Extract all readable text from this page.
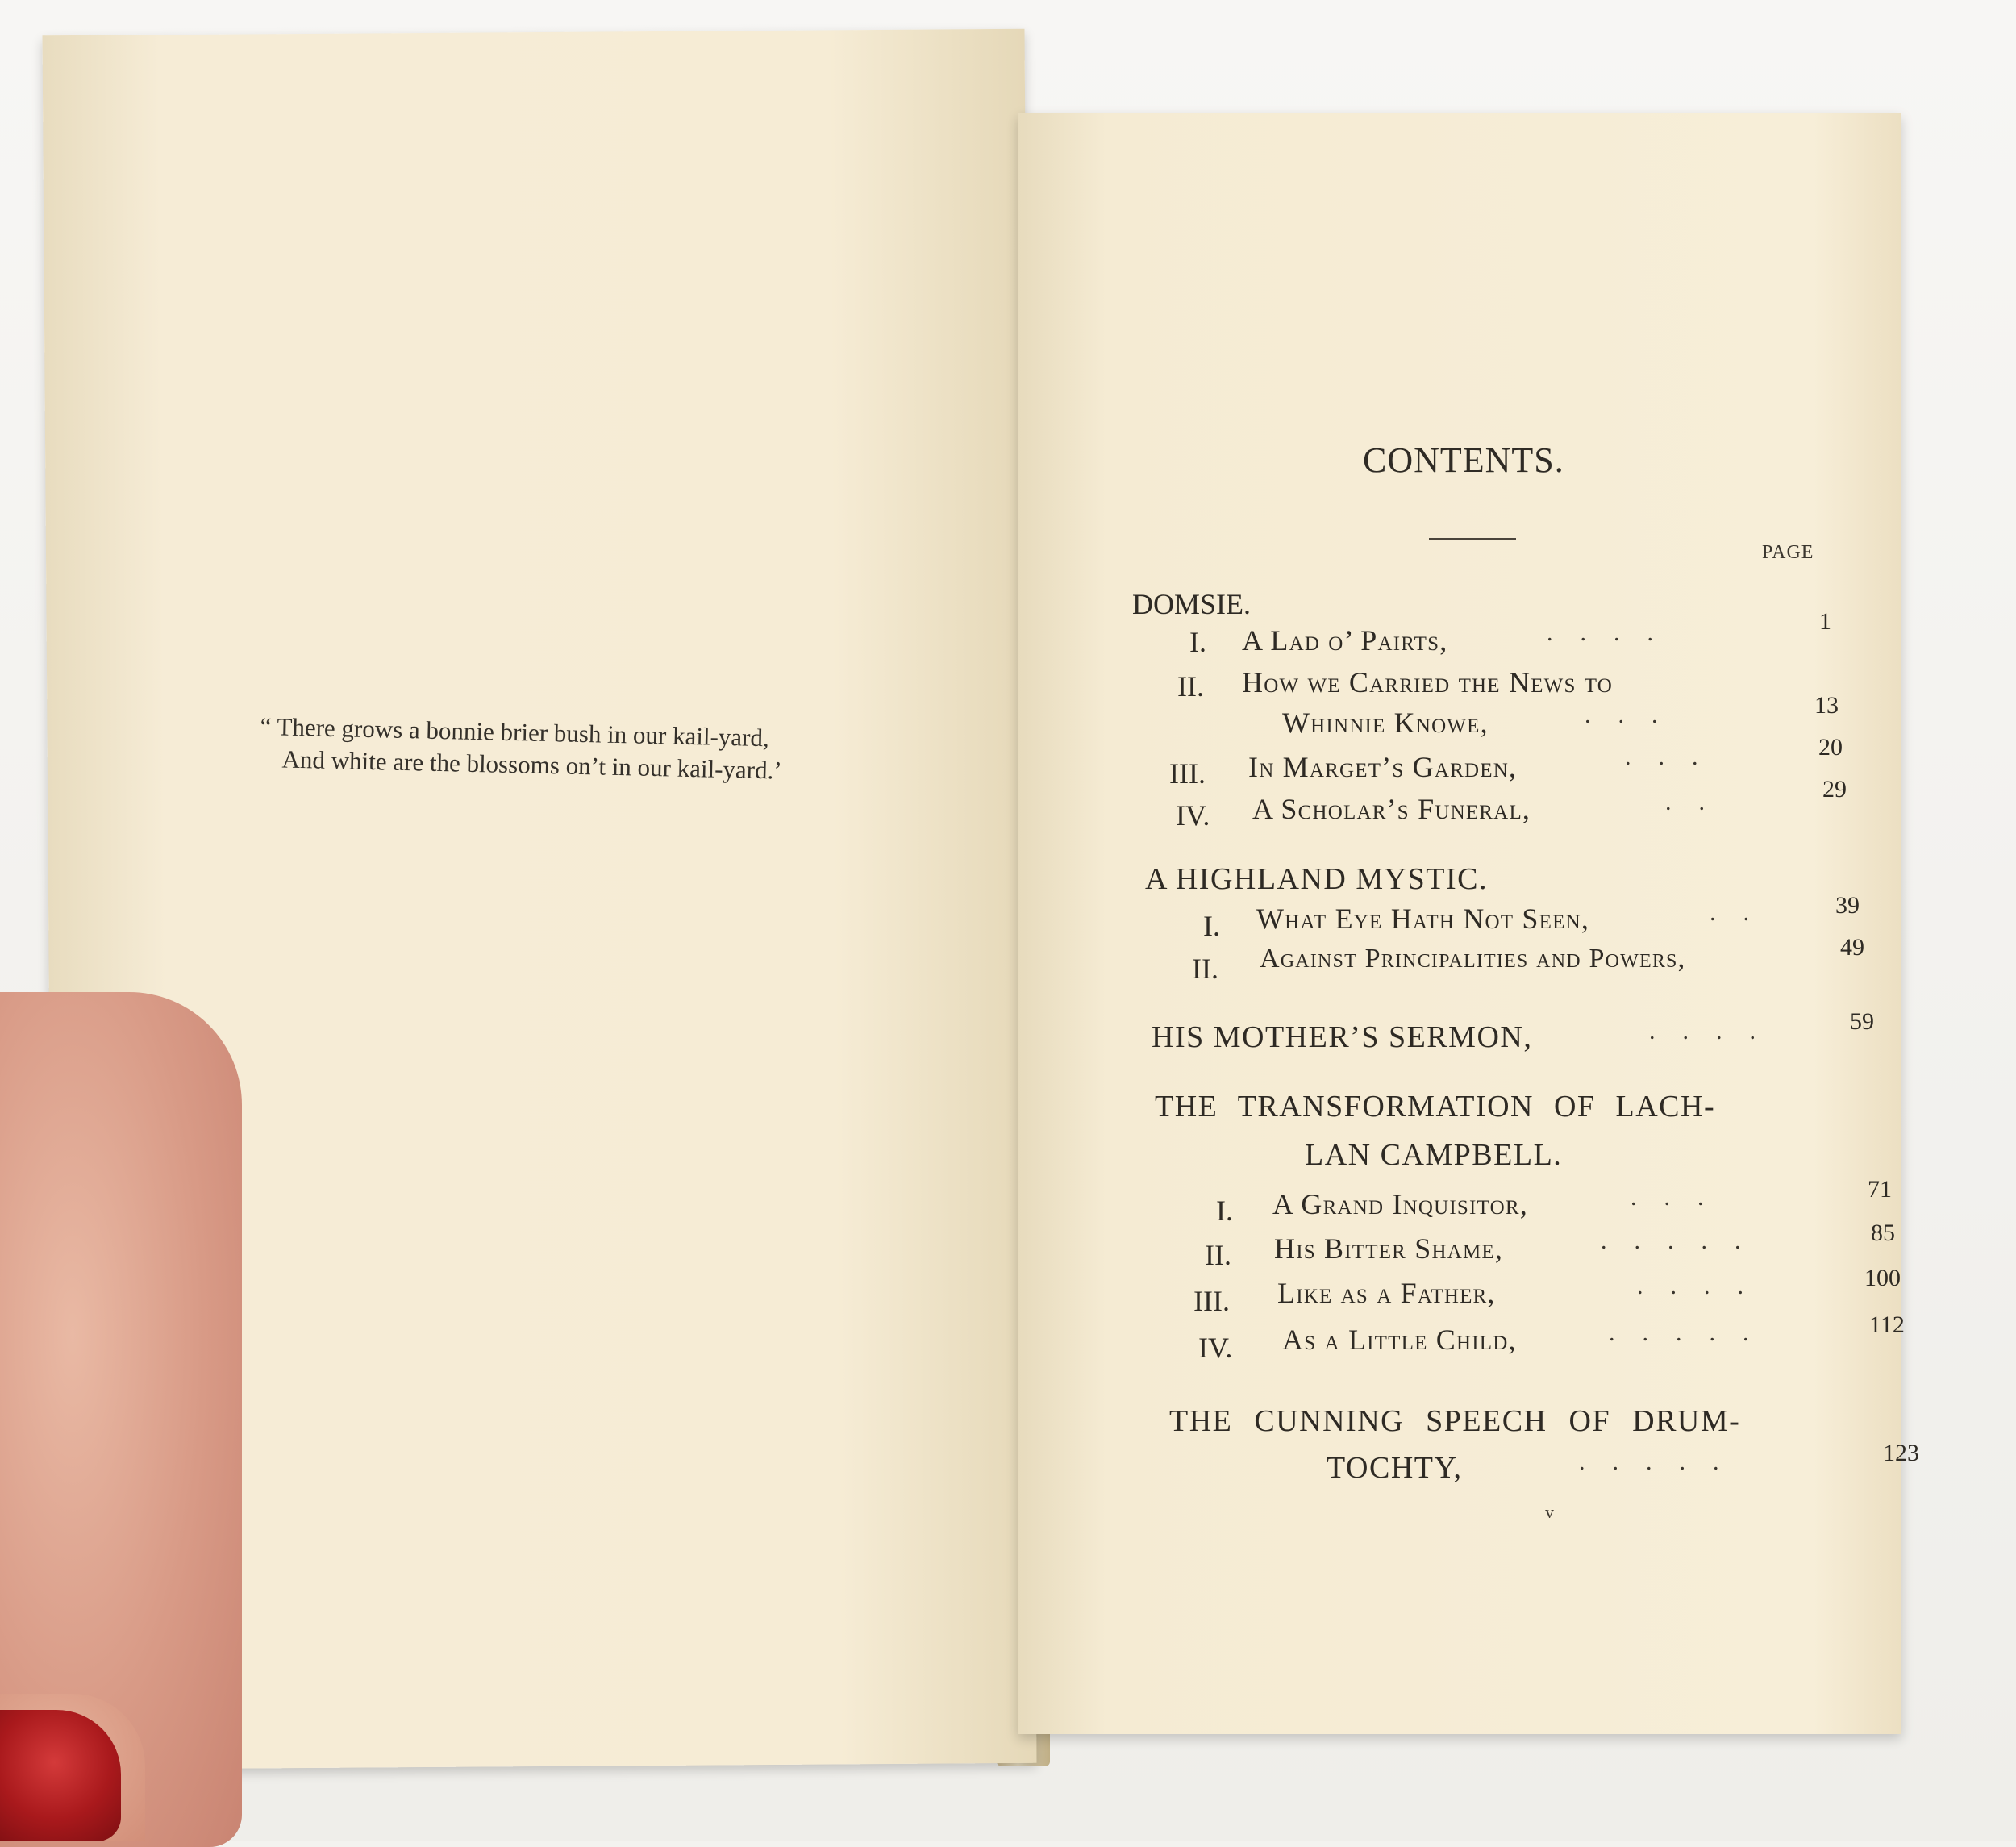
“ There grows a bonnie brier bush in our kail-yard,
And white are the blossoms on’t in our kail-yard.’
CONTENTS.
PAGE
DOMSIE.
I. A Lad o’ Pairts,	....	1
II. How we Carried the News to
Whinnie Knowe,	...	13
III. In Marget’s Garden,	...	20
IV. A Scholar’s Funeral,	..	29
A HIGHLAND MYSTIC.
I. What Eye Hath Not Seen,	.. 39
II. Against Principalities and Powers,	49
HIS MOTHER’S SERMON,	....	59
THE TRANSFORMATION OF LACH-
LAN CAMPBELL.
I. A Grand Inquisitor,	...	71
II. His Bitter Shame,	.....	85
III. Like as a Father,	....	100
IV. As a Little Child,	.....	112
THE CUNNING SPEECH OF DRUM-
TOCHTY,	.....	123
v
